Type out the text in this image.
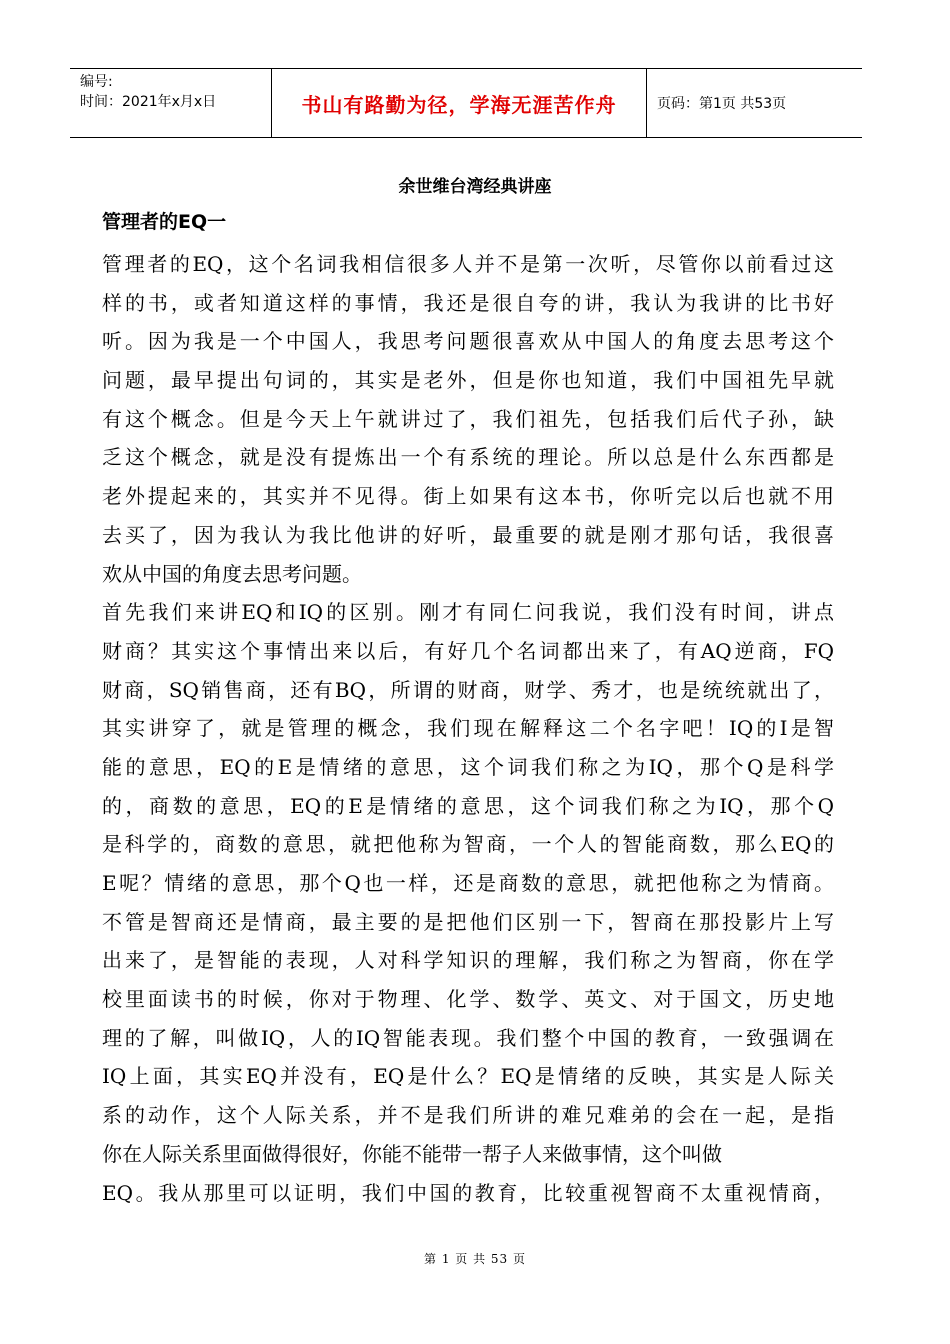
编号:
时间：2021年x月x日	书山有路勤为径，学海无涯苦作舟	页码：第1页 共53页
余世维台湾经典讲座
管理者的EQ一
管理者的EQ，这个名词我相信很多人并不是第一次听，尽管你以前看过这
样的书，或者知道这样的事情，我还是很自夸的讲，我认为我讲的比书好
听。因为我是一个中国人，我思考问题很喜欢从中国人的角度去思考这个
问题，最早提出句词的，其实是老外，但是你也知道，我们中国祖先早就
有这个概念。但是今天上午就讲过了，我们祖先，包括我们后代子孙，缺
乏这个概念，就是没有提炼出一个有系统的理论。所以总是什么东西都是
老外提起来的，其实并不见得。街上如果有这本书，你听完以后也就不用
去买了，因为我认为我比他讲的好听，最重要的就是刚才那句话，我很喜
欢从中国的角度去思考问题。
首先我们来讲EQ和IQ的区别。刚才有同仁问我说，我们没有时间，讲点
财商？其实这个事情出来以后，有好几个名词都出来了，有AQ逆商，FQ
财商，SQ销售商，还有BQ，所谓的财商，财学、秀才，也是统统就出了，
其实讲穿了，就是管理的概念，我们现在解释这二个名字吧！IQ的I是智
能的意思，EQ的E是情绪的意思，这个词我们称之为IQ，那个Q是科学
的，商数的意思，EQ的E是情绪的意思，这个词我们称之为IQ，那个Q
是科学的，商数的意思，就把他称为智商，一个人的智能商数，那么EQ的
E呢？情绪的意思，那个Q也一样，还是商数的意思，就把他称之为情商。
不管是智商还是情商，最主要的是把他们区别一下，智商在那投影片上写
出来了，是智能的表现，人对科学知识的理解，我们称之为智商，你在学
校里面读书的时候，你对于物理、化学、数学、英文、对于国文，历史地
理的了解，叫做IQ，人的IQ智能表现。我们整个中国的教育，一致强调在
IQ上面，其实EQ并没有，EQ是什么？EQ是情绪的反映，其实是人际关
系的动作，这个人际关系，并不是我们所讲的难兄难弟的会在一起，是指
你在人际关系里面做得很好，你能不能带一帮子人来做事情，这个叫做
EQ。我从那里可以证明，我们中国的教育，比较重视智商不太重视情商，
第 1 页 共 53 页
